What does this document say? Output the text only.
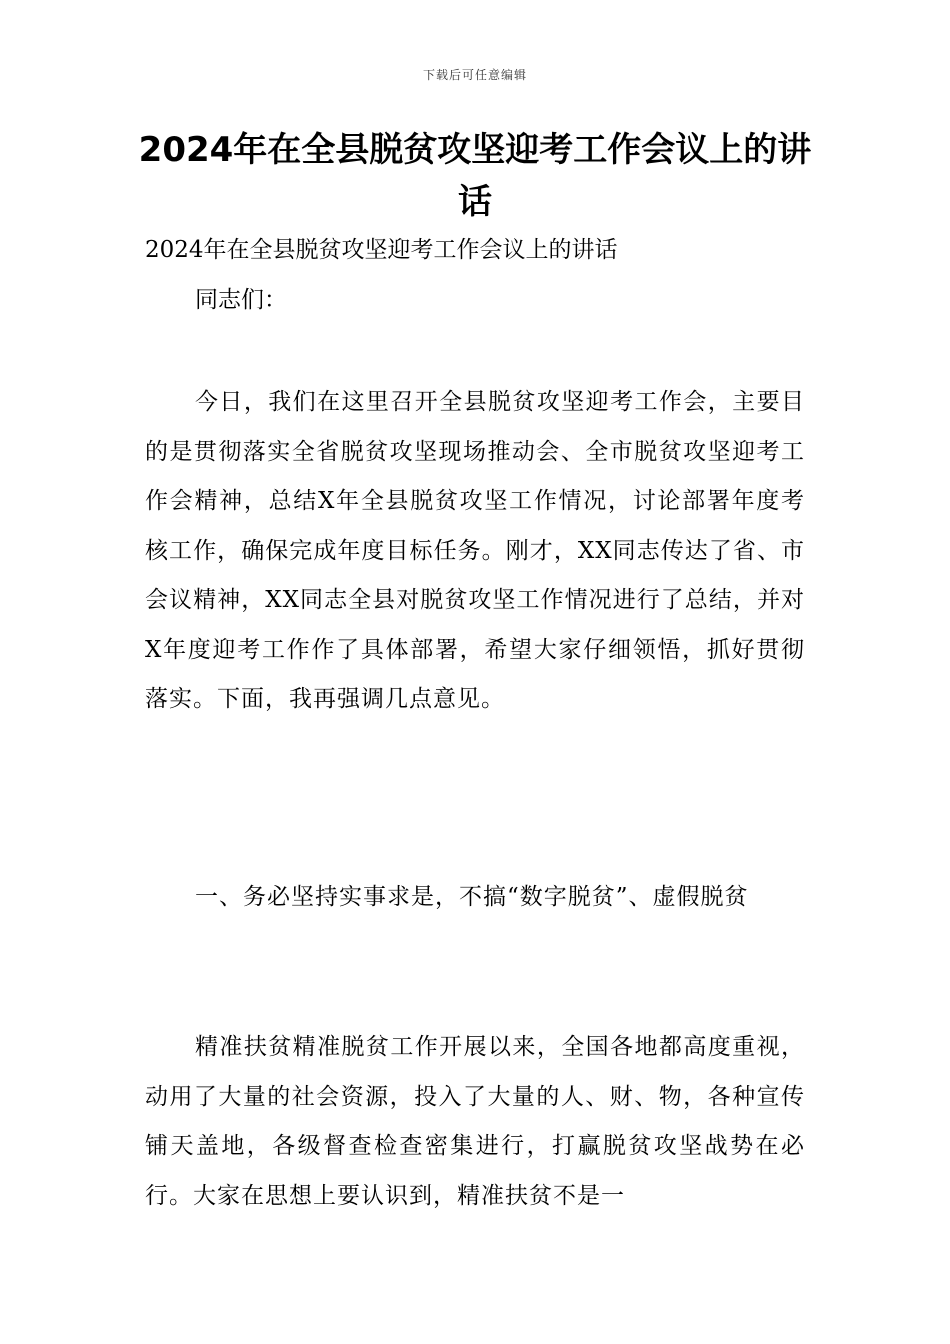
下载后可任意编辑
2024年在全县脱贫攻坚迎考工作会议上的讲话

2024年在全县脱贫攻坚迎考工作会议上的讲话

同志们：

今日，我们在这里召开全县脱贫攻坚迎考工作会，主要目的是贯彻落实全省脱贫攻坚现场推动会、全市脱贫攻坚迎考工作会精神，总结X年全县脱贫攻坚工作情况，讨论部署年度考核工作，确保完成年度目标任务。刚才，XX同志传达了省、市会议精神，XX同志全县对脱贫攻坚工作情况进行了总结，并对X年度迎考工作作了具体部署，希望大家仔细领悟，抓好贯彻落实。下面，我再强调几点意见。

一、务必坚持实事求是，不搞“数字脱贫”、虚假脱贫

精准扶贫精准脱贫工作开展以来，全国各地都高度重视，动用了大量的社会资源，投入了大量的人、财、物，各种宣传铺天盖地，各级督查检查密集进行，打赢脱贫攻坚战势在必行。大家在思想上要认识到，精准扶贫不是一
